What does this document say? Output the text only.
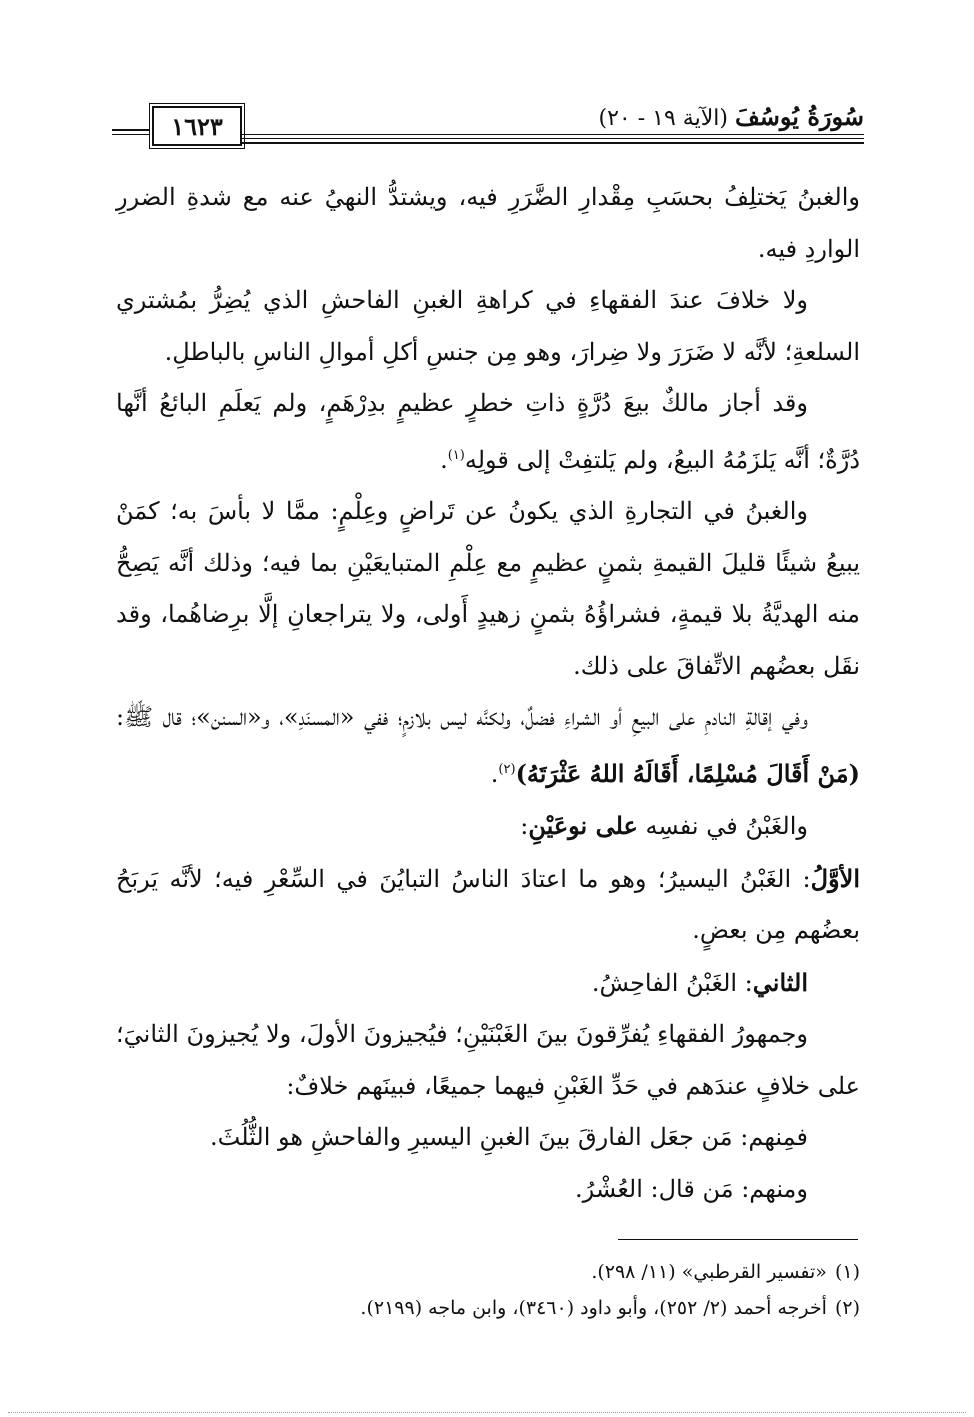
سُورَةُ يُوسُفَ (الآية ١٩ - ٢٠)
١٦٢٣

والغبنُ يَختلِفُ بحسَبِ مِقْدارِ الضَّرَرِ فيه، ويشتدُّ النهيُ عنه مع شدةِ الضررِ الواردِ فيه.

ولا خلافَ عندَ الفقهاءِ في كراهةِ الغبنِ الفاحشِ الذي يُضِرُّ بمُشتري السلعةِ؛ لأنَّه لا ضَرَرَ ولا ضِرارَ، وهو مِن جنسِ أكلِ أموالِ الناسِ بالباطلِ.

وقد أجاز مالكٌ بيعَ دُرَّةٍ ذاتِ خطرٍ عظيمٍ بدِرْهَمٍ، ولم يَعلَمِ البائعُ أنَّها دُرَّةٌ؛ أنَّه يَلزَمُهُ البيعُ، ولم يَلتفِتْ إلى قولِه$^{(١)}$.

والغبنُ في التجارةِ الذي يكونُ عن تَراضٍ وعِلْمٍ: ممَّا لا بأسَ به؛ كمَنْ يبيعُ شيئًا قليلَ القيمةِ بثمنٍ عظيمٍ مع عِلْمِ المتبايعَيْنِ بما فيه؛ وذلك أنَّه يَصِحُّ منه الهديَّةُ بلا قيمةٍ، فشراؤُهُ بثمنٍ زهيدٍ أَولى، ولا يتراجعانِ إلَّا برِضاهُما، وقد نقَل بعضُهم الاتِّفاقَ على ذلك.

وفي إقالةِ النادمِ على البيعِ أو الشراءِ فضلٌ، ولكنَّه ليس بلازمٍ؛ ففي «المسنَدِ»، و«السنن»؛ قال ﷺ: (مَنْ أَقَالَ مُسْلِمًا، أَقَالَهُ اللهُ عَثْرَتَهُ)$^{(٢)}$.

والغَبْنُ في نفسِه على نوعَيْنِ:

الأوَّلُ: الغَبْنُ اليسيرُ؛ وهو ما اعتادَ الناسُ التبايُنَ في السِّعْرِ فيه؛ لأنَّه يَربَحُ بعضُهم مِن بعضٍ.

الثاني: الغَبْنُ الفاحِشُ.

وجمهورُ الفقهاءِ يُفرِّقونَ بينَ الغَبْنَيْنِ؛ فيُجيزونَ الأولَ، ولا يُجيزونَ الثانيَ؛ على خلافٍ عندَهم في حَدِّ الغَبْنِ فيهما جميعًا، فبينَهم خلافٌ:

فمِنهم: مَن جعَل الفارقَ بينَ الغبنِ اليسيرِ والفاحشِ هو الثُّلُثَ.

ومنهم: مَن قال: العُشْرُ.

(١)«تفسير القرطبي» (١١/ ٢٩٨).

(٢)أخرجه أحمد (٢/ ٢٥٢)، وأبو داود (٣٤٦٠)، وابن ماجه (٢١٩٩).
